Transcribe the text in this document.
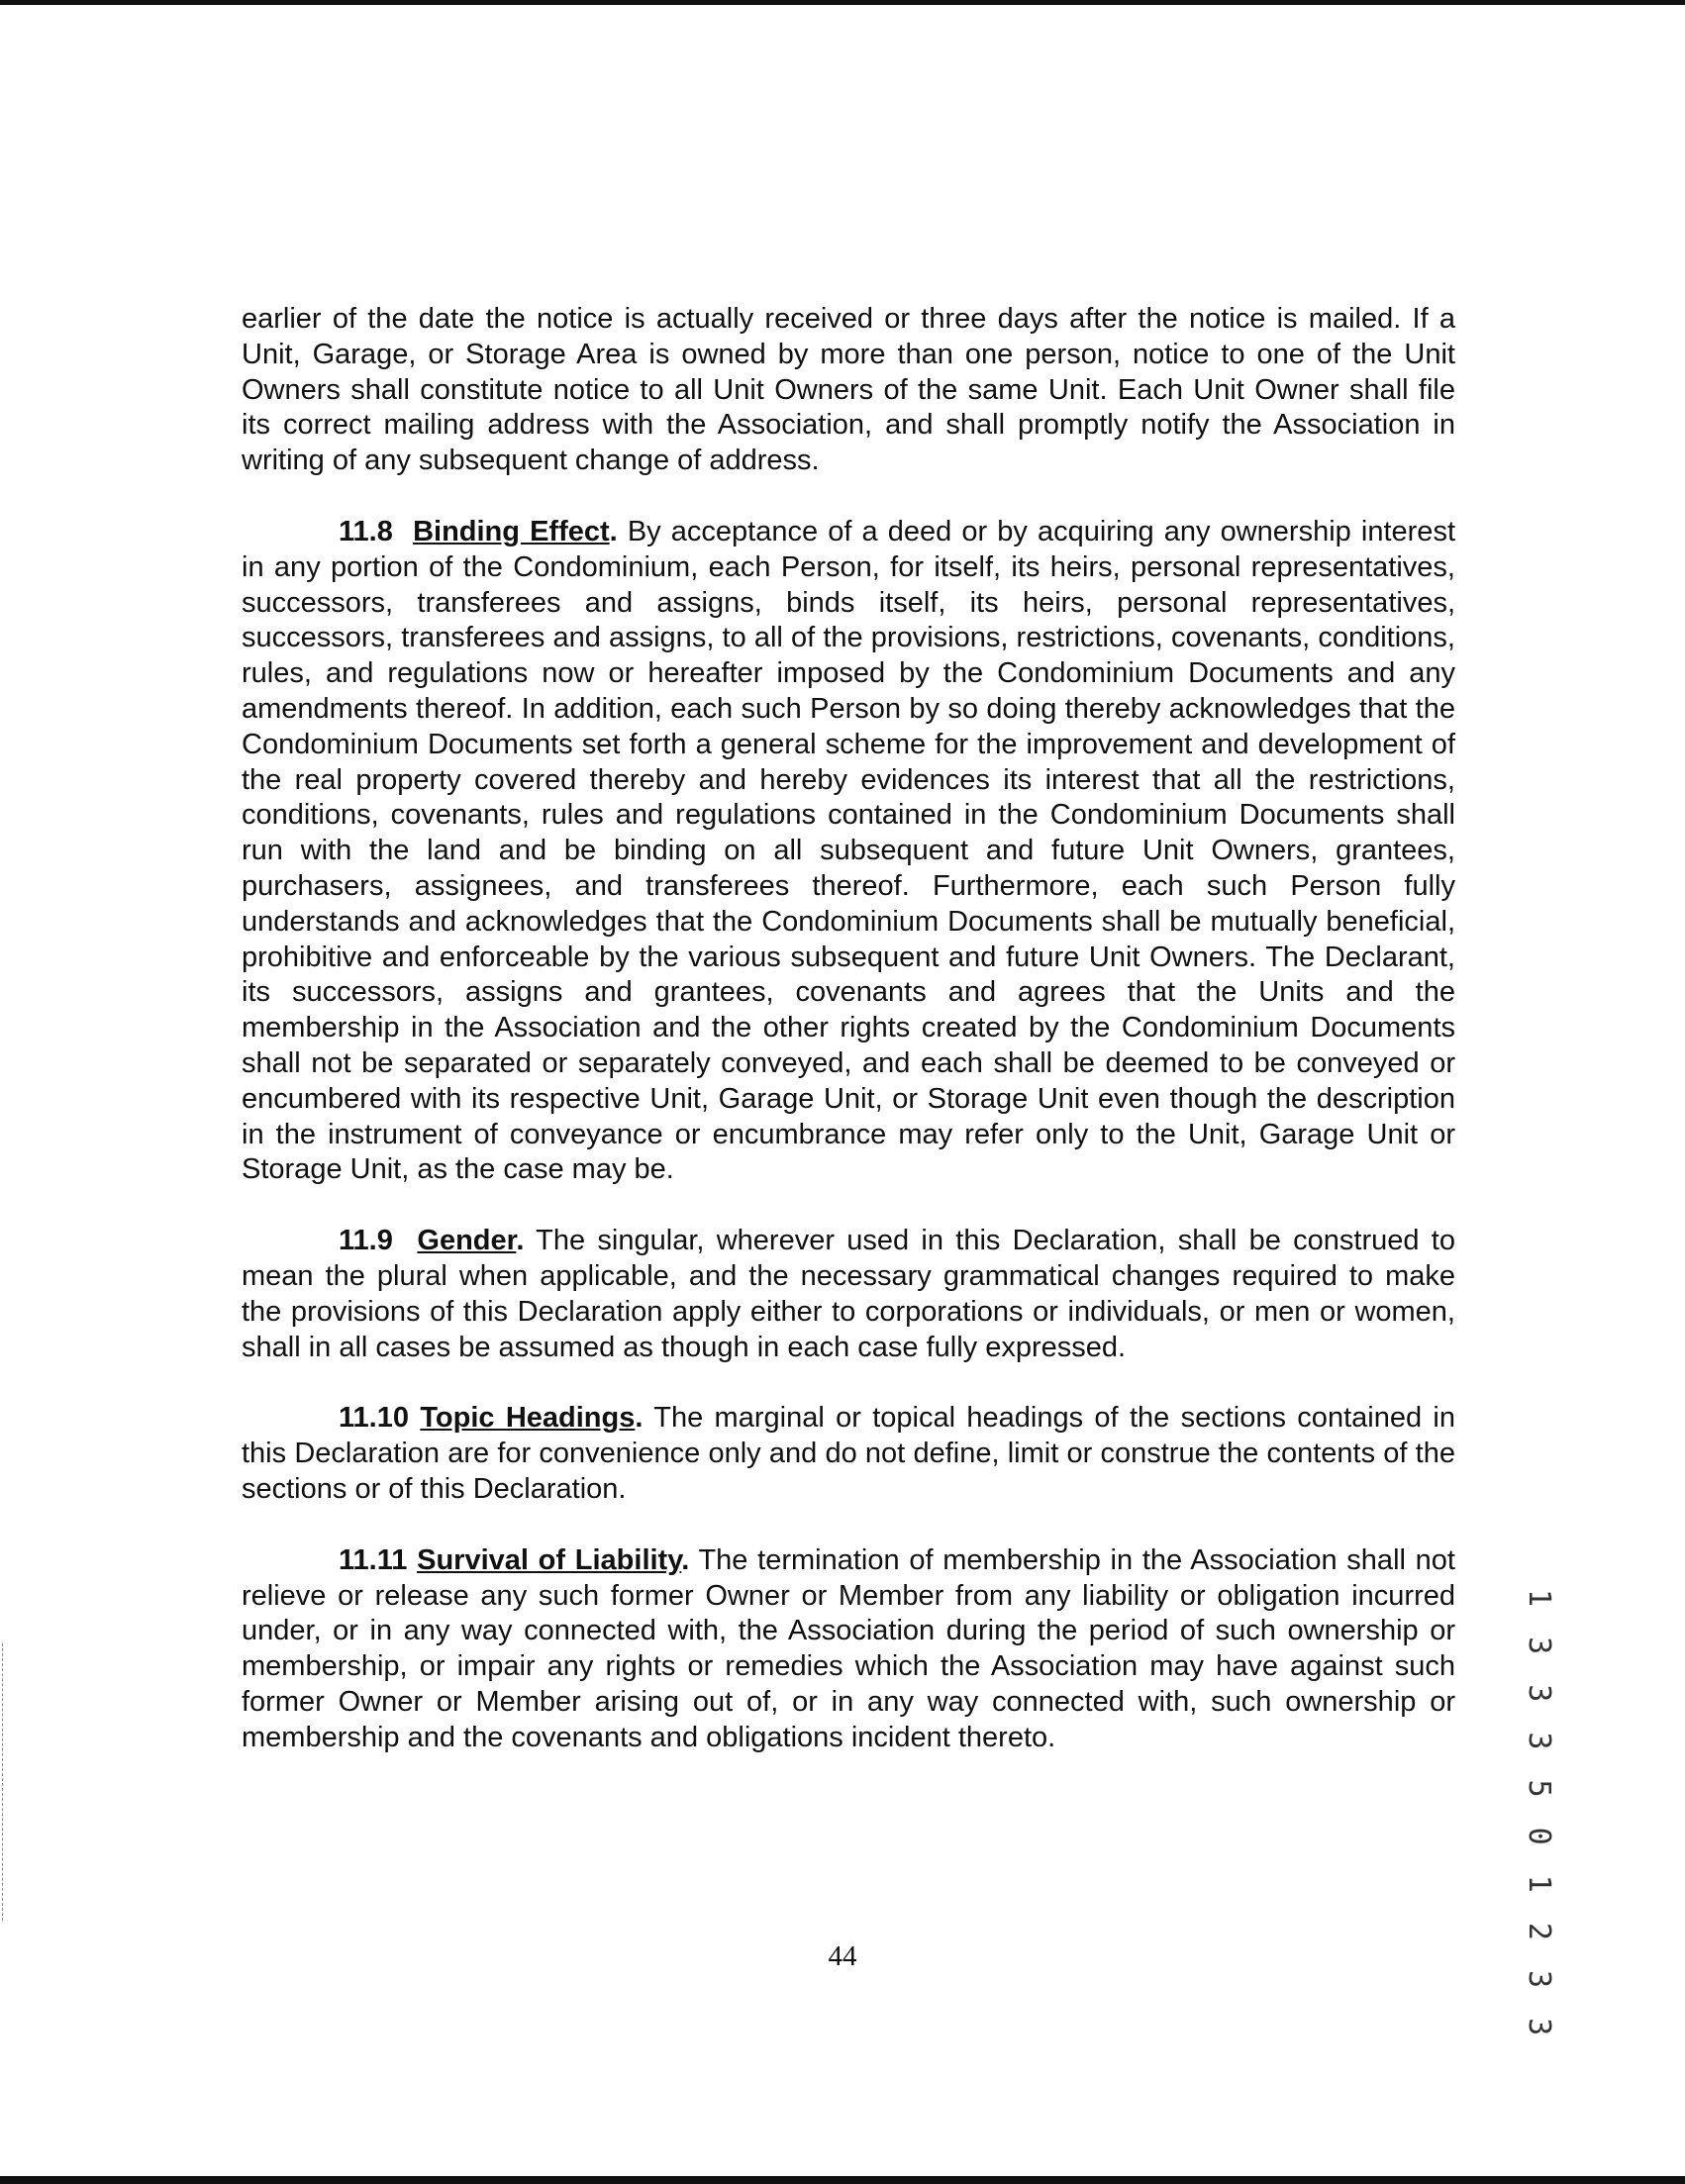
earlier of the date the notice is actually received or three days after the notice is mailed. If a Unit, Garage, or Storage Area is owned by more than one person, notice to one of the Unit Owners shall constitute notice to all Unit Owners of the same Unit. Each Unit Owner shall file its correct mailing address with the Association, and shall promptly notify the Association in writing of any subsequent change of address.

11.8 Binding Effect. By acceptance of a deed or by acquiring any ownership interest in any portion of the Condominium, each Person, for itself, its heirs, personal representatives, successors, transferees and assigns, binds itself, its heirs, personal representatives, successors, transferees and assigns, to all of the provisions, restrictions, covenants, conditions, rules, and regulations now or hereafter imposed by the Condominium Documents and any amendments thereof. In addition, each such Person by so doing thereby acknowledges that the Condominium Documents set forth a general scheme for the improvement and development of the real property covered thereby and hereby evidences its interest that all the restrictions, conditions, covenants, rules and regulations contained in the Condominium Documents shall run with the land and be binding on all subsequent and future Unit Owners, grantees, purchasers, assignees, and transferees thereof. Furthermore, each such Person fully understands and acknowledges that the Condominium Documents shall be mutually beneficial, prohibitive and enforceable by the various subsequent and future Unit Owners. The Declarant, its successors, assigns and grantees, covenants and agrees that the Units and the membership in the Association and the other rights created by the Condominium Documents shall not be separated or separately conveyed, and each shall be deemed to be conveyed or encumbered with its respective Unit, Garage Unit, or Storage Unit even though the description in the instrument of conveyance or encumbrance may refer only to the Unit, Garage Unit or Storage Unit, as the case may be.

11.9 Gender. The singular, wherever used in this Declaration, shall be construed to mean the plural when applicable, and the necessary grammatical changes required to make the provisions of this Declaration apply either to corporations or individuals, or men or women, shall in all cases be assumed as though in each case fully expressed.

11.10 Topic Headings. The marginal or topical headings of the sections contained in this Declaration are for convenience only and do not define, limit or construe the contents of the sections or of this Declaration.

11.11 Survival of Liability. The termination of membership in the Association shall not relieve or release any such former Owner or Member from any liability or obligation incurred under, or in any way connected with, the Association during the period of such ownership or membership, or impair any rights or remedies which the Association may have against such former Owner or Member arising out of, or in any way connected with, such ownership or membership and the covenants and obligations incident thereto.

44	1 3 3 3 5 0 1 2 3 3
